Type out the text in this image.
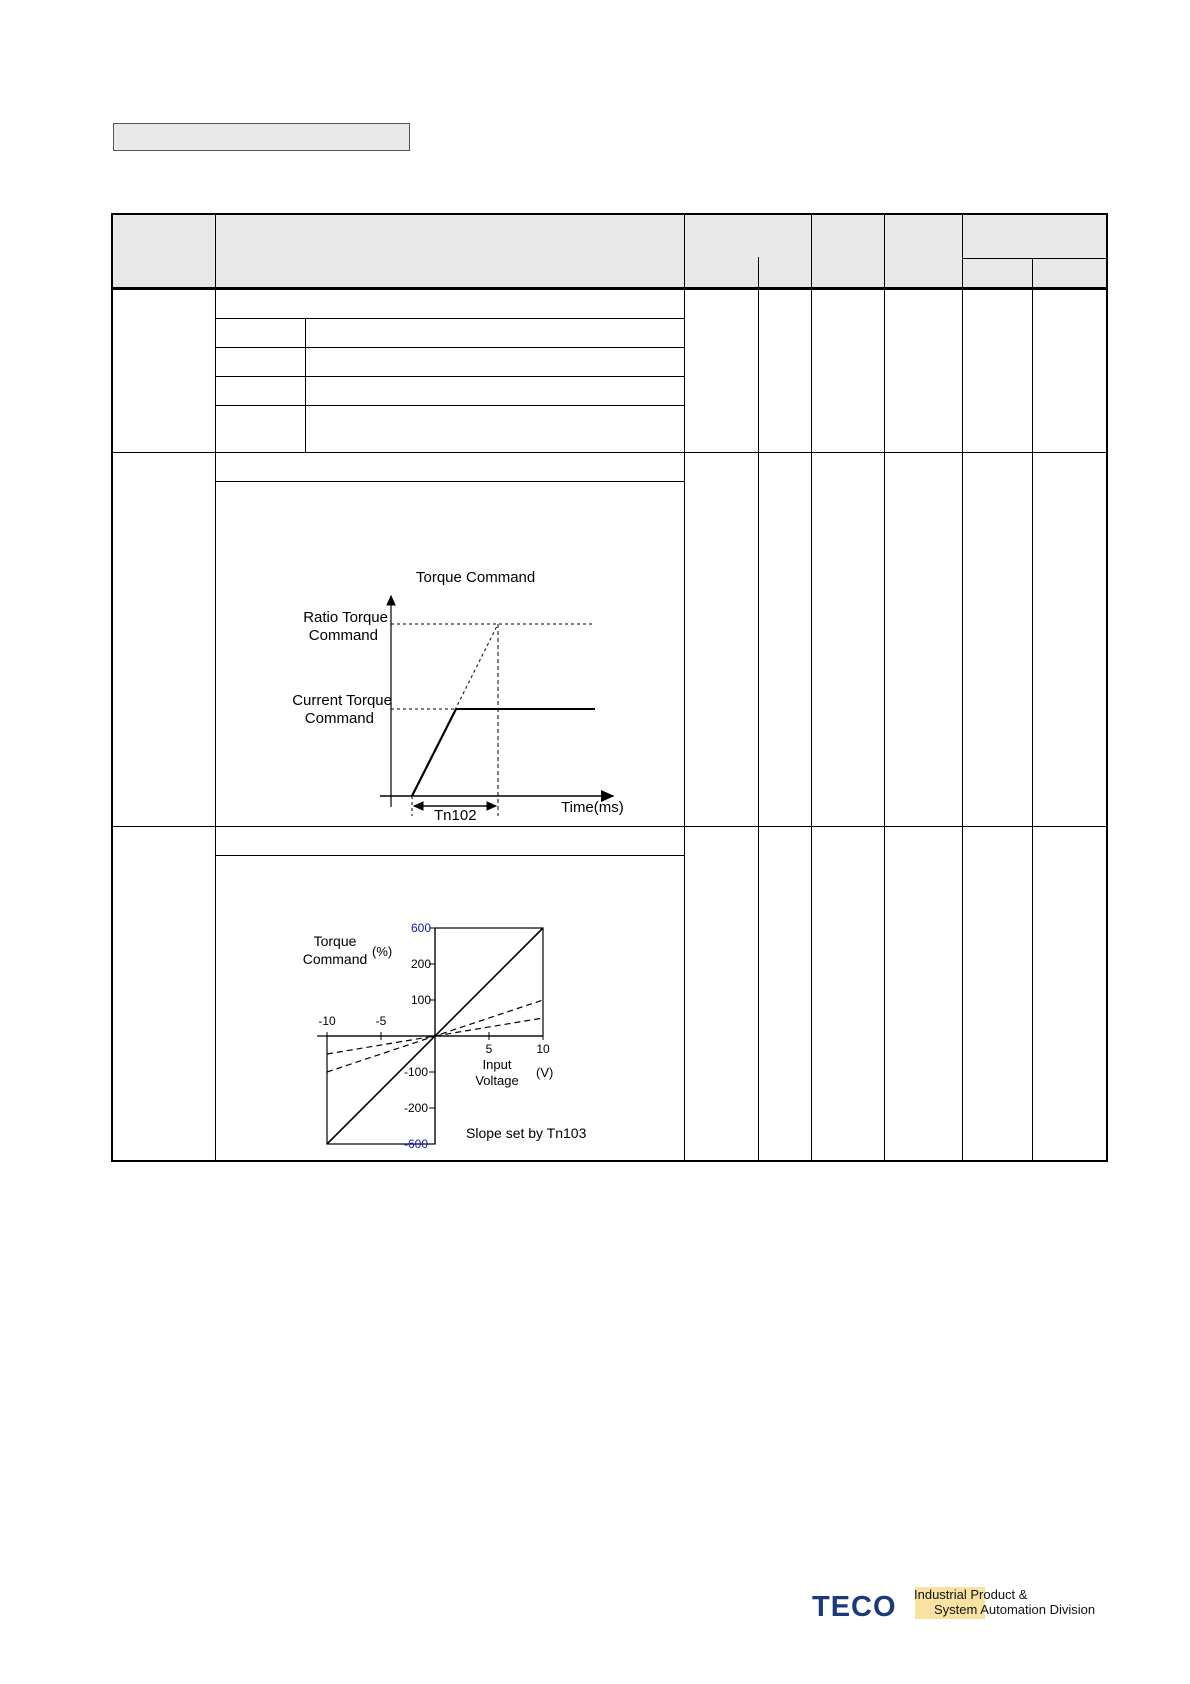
Torque Command
Ratio Torque
Command
Current Torque
Command
Tn102	Time(ms)
600
200
100
-100
-200
-600
-10	-5
5	10
Torque
Command (%)
Input
Voltage
(V)
Slope set by Tn103
TECO Industrial Product &
System Automation Division
